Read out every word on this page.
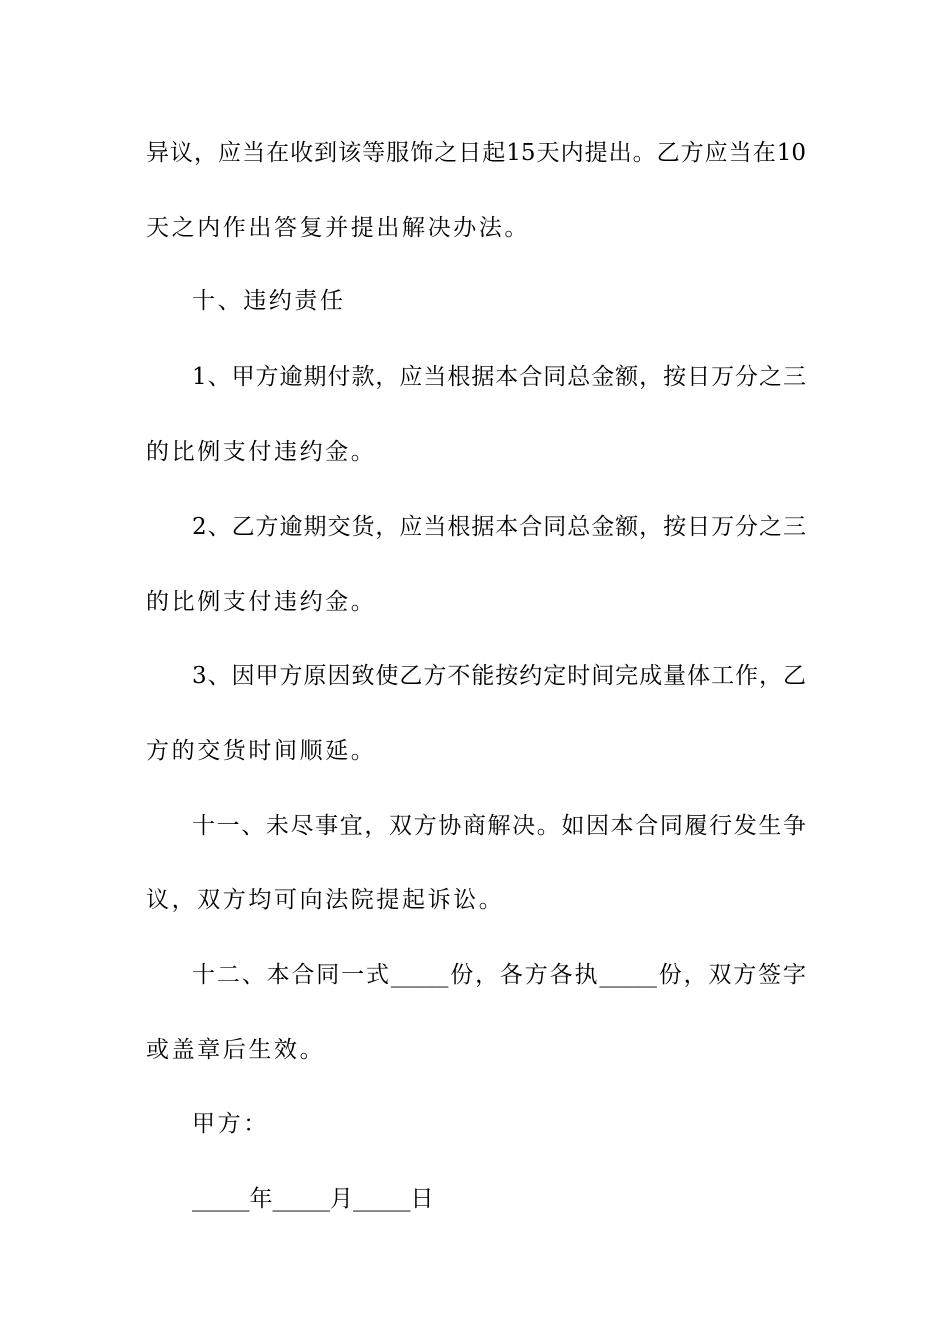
异议，应当在收到该等服饰之日起15天内提出。乙方应当在10
天之内作出答复并提出解决办法。
十、违约责任
1、甲方逾期付款，应当根据本合同总金额，按日万分之三
的比例支付违约金。
2、乙方逾期交货，应当根据本合同总金额，按日万分之三
的比例支付违约金。
3、因甲方原因致使乙方不能按约定时间完成量体工作，乙
方的交货时间顺延。
十一、未尽事宜，双方协商解决。如因本合同履行发生争
议，双方均可向法院提起诉讼。
十二、本合同一式_____份，各方各执_____份，双方签字
或盖章后生效。
甲方：
_____年_____月_____日
